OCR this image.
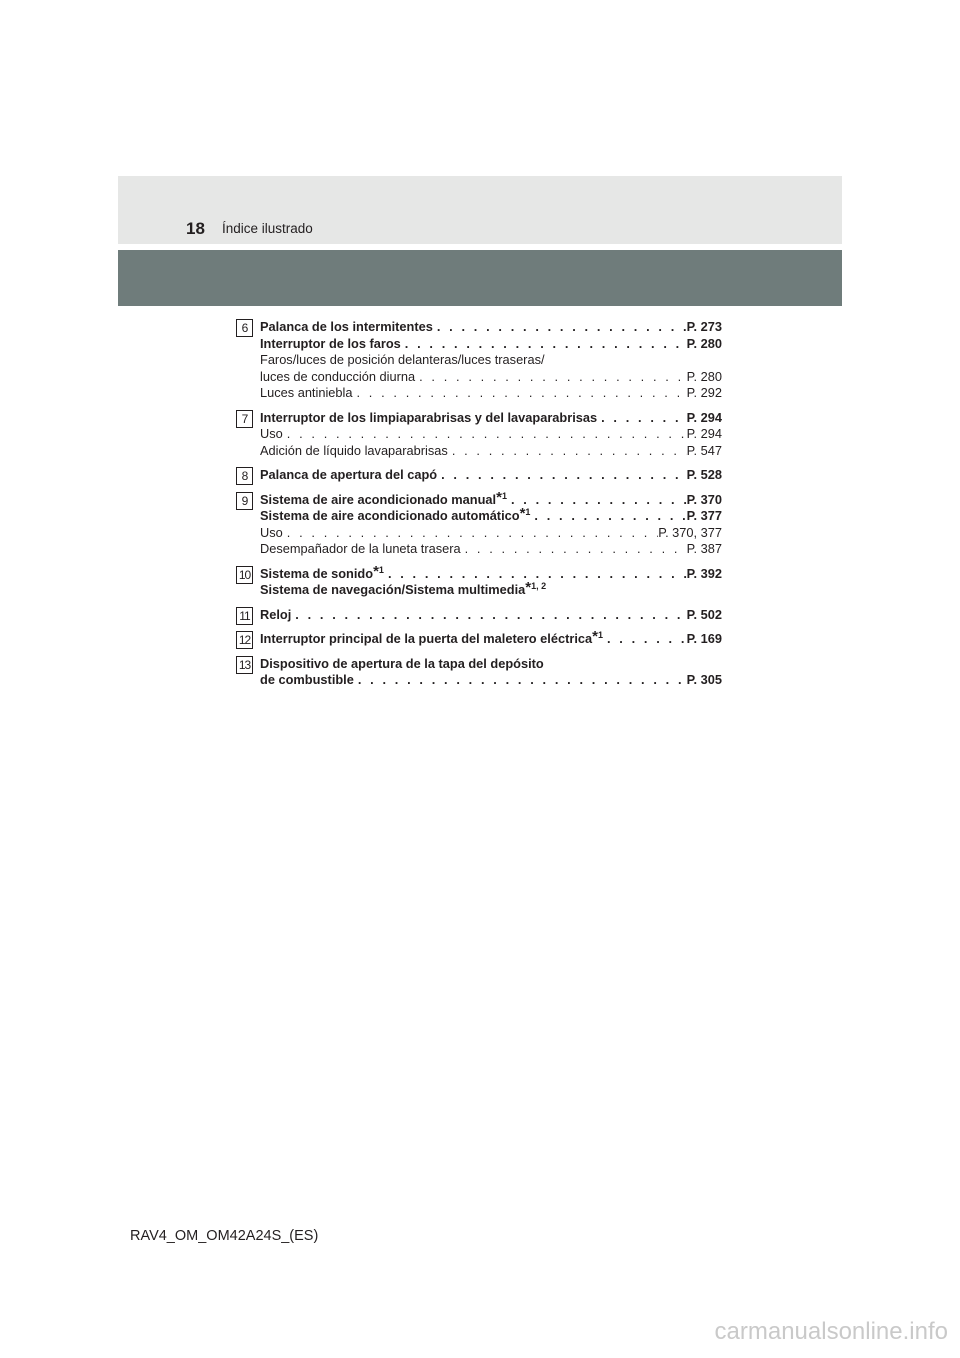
18 Índice ilustrado
6 Palanca de los intermitentes . . .	P. 273
Interruptor de los faros . . .	P. 280
Faros/luces de posición delanteras/luces traseras/
luces de conducción diurna . . .	P. 280
Luces antiniebla . . .	P. 292
7 Interruptor de los limpiaparabrisas y del lavaparabrisas . . .	P. 294
Uso . . .	P. 294
Adición de líquido lavaparabrisas . . .	P. 547
8 Palanca de apertura del capó . . .	P. 528
9 Sistema de aire acondicionado manual$^{*1}$ . . .	P. 370
Sistema de aire acondicionado automático$^{*1}$ . . .	P. 377
Uso . . .	P. 370, 377
Desempañador de la luneta trasera . . .	P. 387
10 Sistema de sonido$^{*1}$ . . .	P. 392
Sistema de navegación/Sistema multimedia$^{*1, 2}$
11 Reloj . . .	P. 502
12 Interruptor principal de la puerta del maletero eléctrica$^{*1}$ . . .	P. 169
13 Dispositivo de apertura de la tapa del depósito
de combustible . . .	P. 305
RAV4_OM_OM42A24S_(ES)
carmanualsonline.info
